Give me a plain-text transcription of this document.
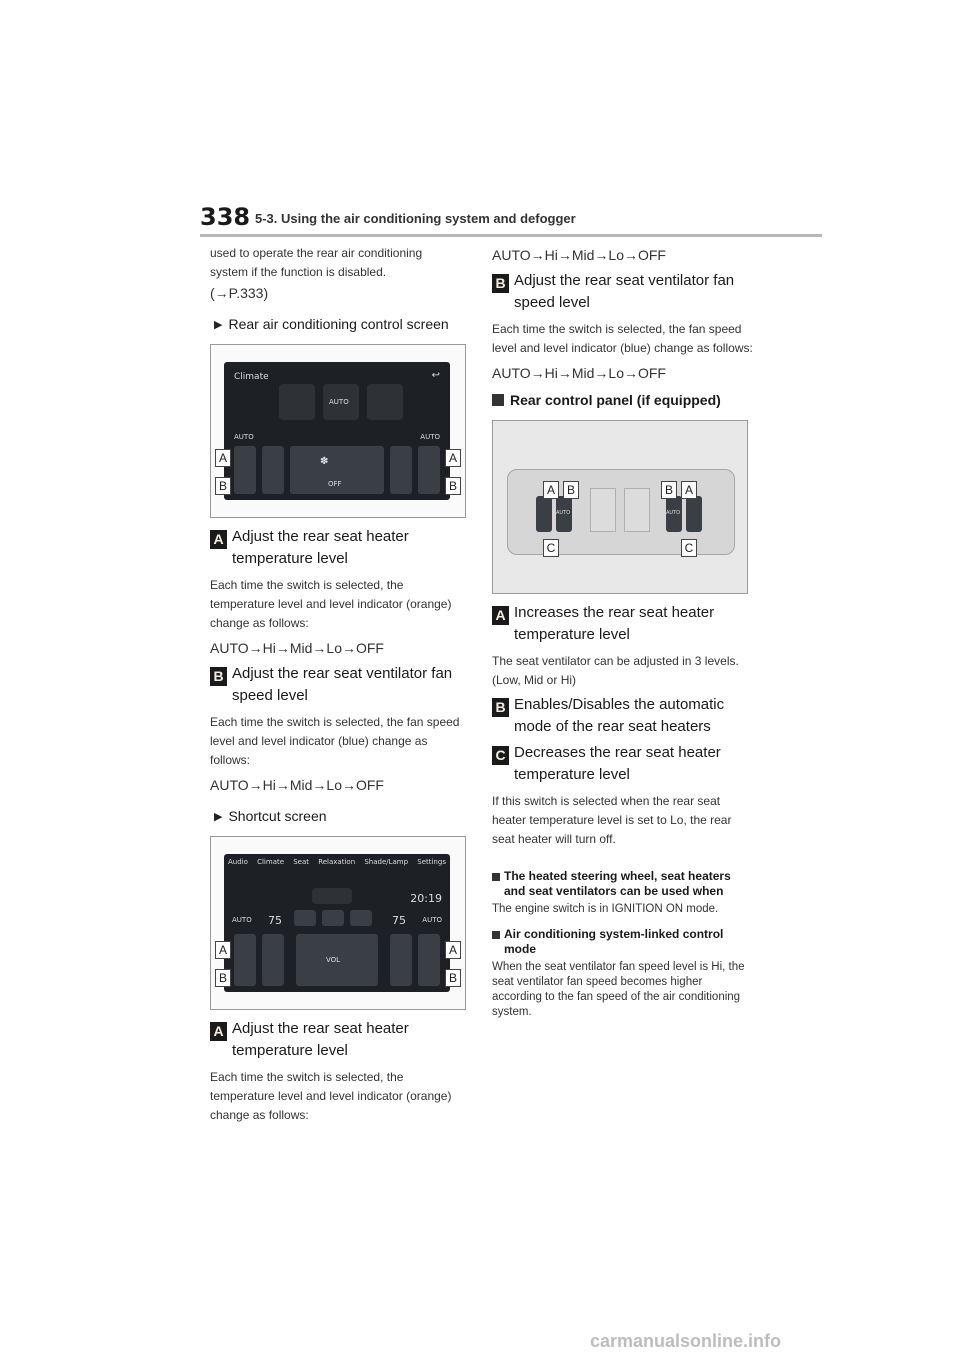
338 5-3. Using the air conditioning system and defogger

used to operate the rear air conditioning system if the function is disabled.

(→P.333)

▶ Rear air conditioning control screen
Climate	↩
AUTO
AUTO	AUTO
✽
OFF
A
B
A
B
A Adjust the rear seat heater temperature level

Each time the switch is selected, the temperature level and level indicator (orange) change as follows:

AUTO→Hi→Mid→Lo→OFF

B Adjust the rear seat ventilator fan speed level

Each time the switch is selected, the fan speed level and level indicator (blue) change as follows:

AUTO→Hi→Mid→Lo→OFF

▶ Shortcut screen
Audio Climate Seat Relaxation Shade/Lamp Settings
20:19
AUTO 75	75 AUTO
VOL
A
B
A
B
A Adjust the rear seat heater temperature level

Each time the switch is selected, the temperature level and level indicator (orange) change as follows:

AUTO→Hi→Mid→Lo→OFF

B Adjust the rear seat ventilator fan speed level

Each time the switch is selected, the fan speed level and level indicator (blue) change as follows:

AUTO→Hi→Mid→Lo→OFF

Rear control panel (if equipped)
AUTO	AUTO
A B	B A
C	C
A Increases the rear seat heater temperature level

The seat ventilator can be adjusted in 3 levels. (Low, Mid or Hi)

B Enables/Disables the automatic mode of the rear seat heaters
C Decreases the rear seat heater temperature level

If this switch is selected when the rear seat heater temperature level is set to Lo, the rear seat heater will turn off.

The heated steering wheel, seat heaters and seat ventilators can be used when

The engine switch is in IGNITION ON mode.

Air conditioning system-linked control mode

When the seat ventilator fan speed level is Hi, the seat ventilator fan speed becomes higher according to the fan speed of the air conditioning system.

carmanualsonline.info
